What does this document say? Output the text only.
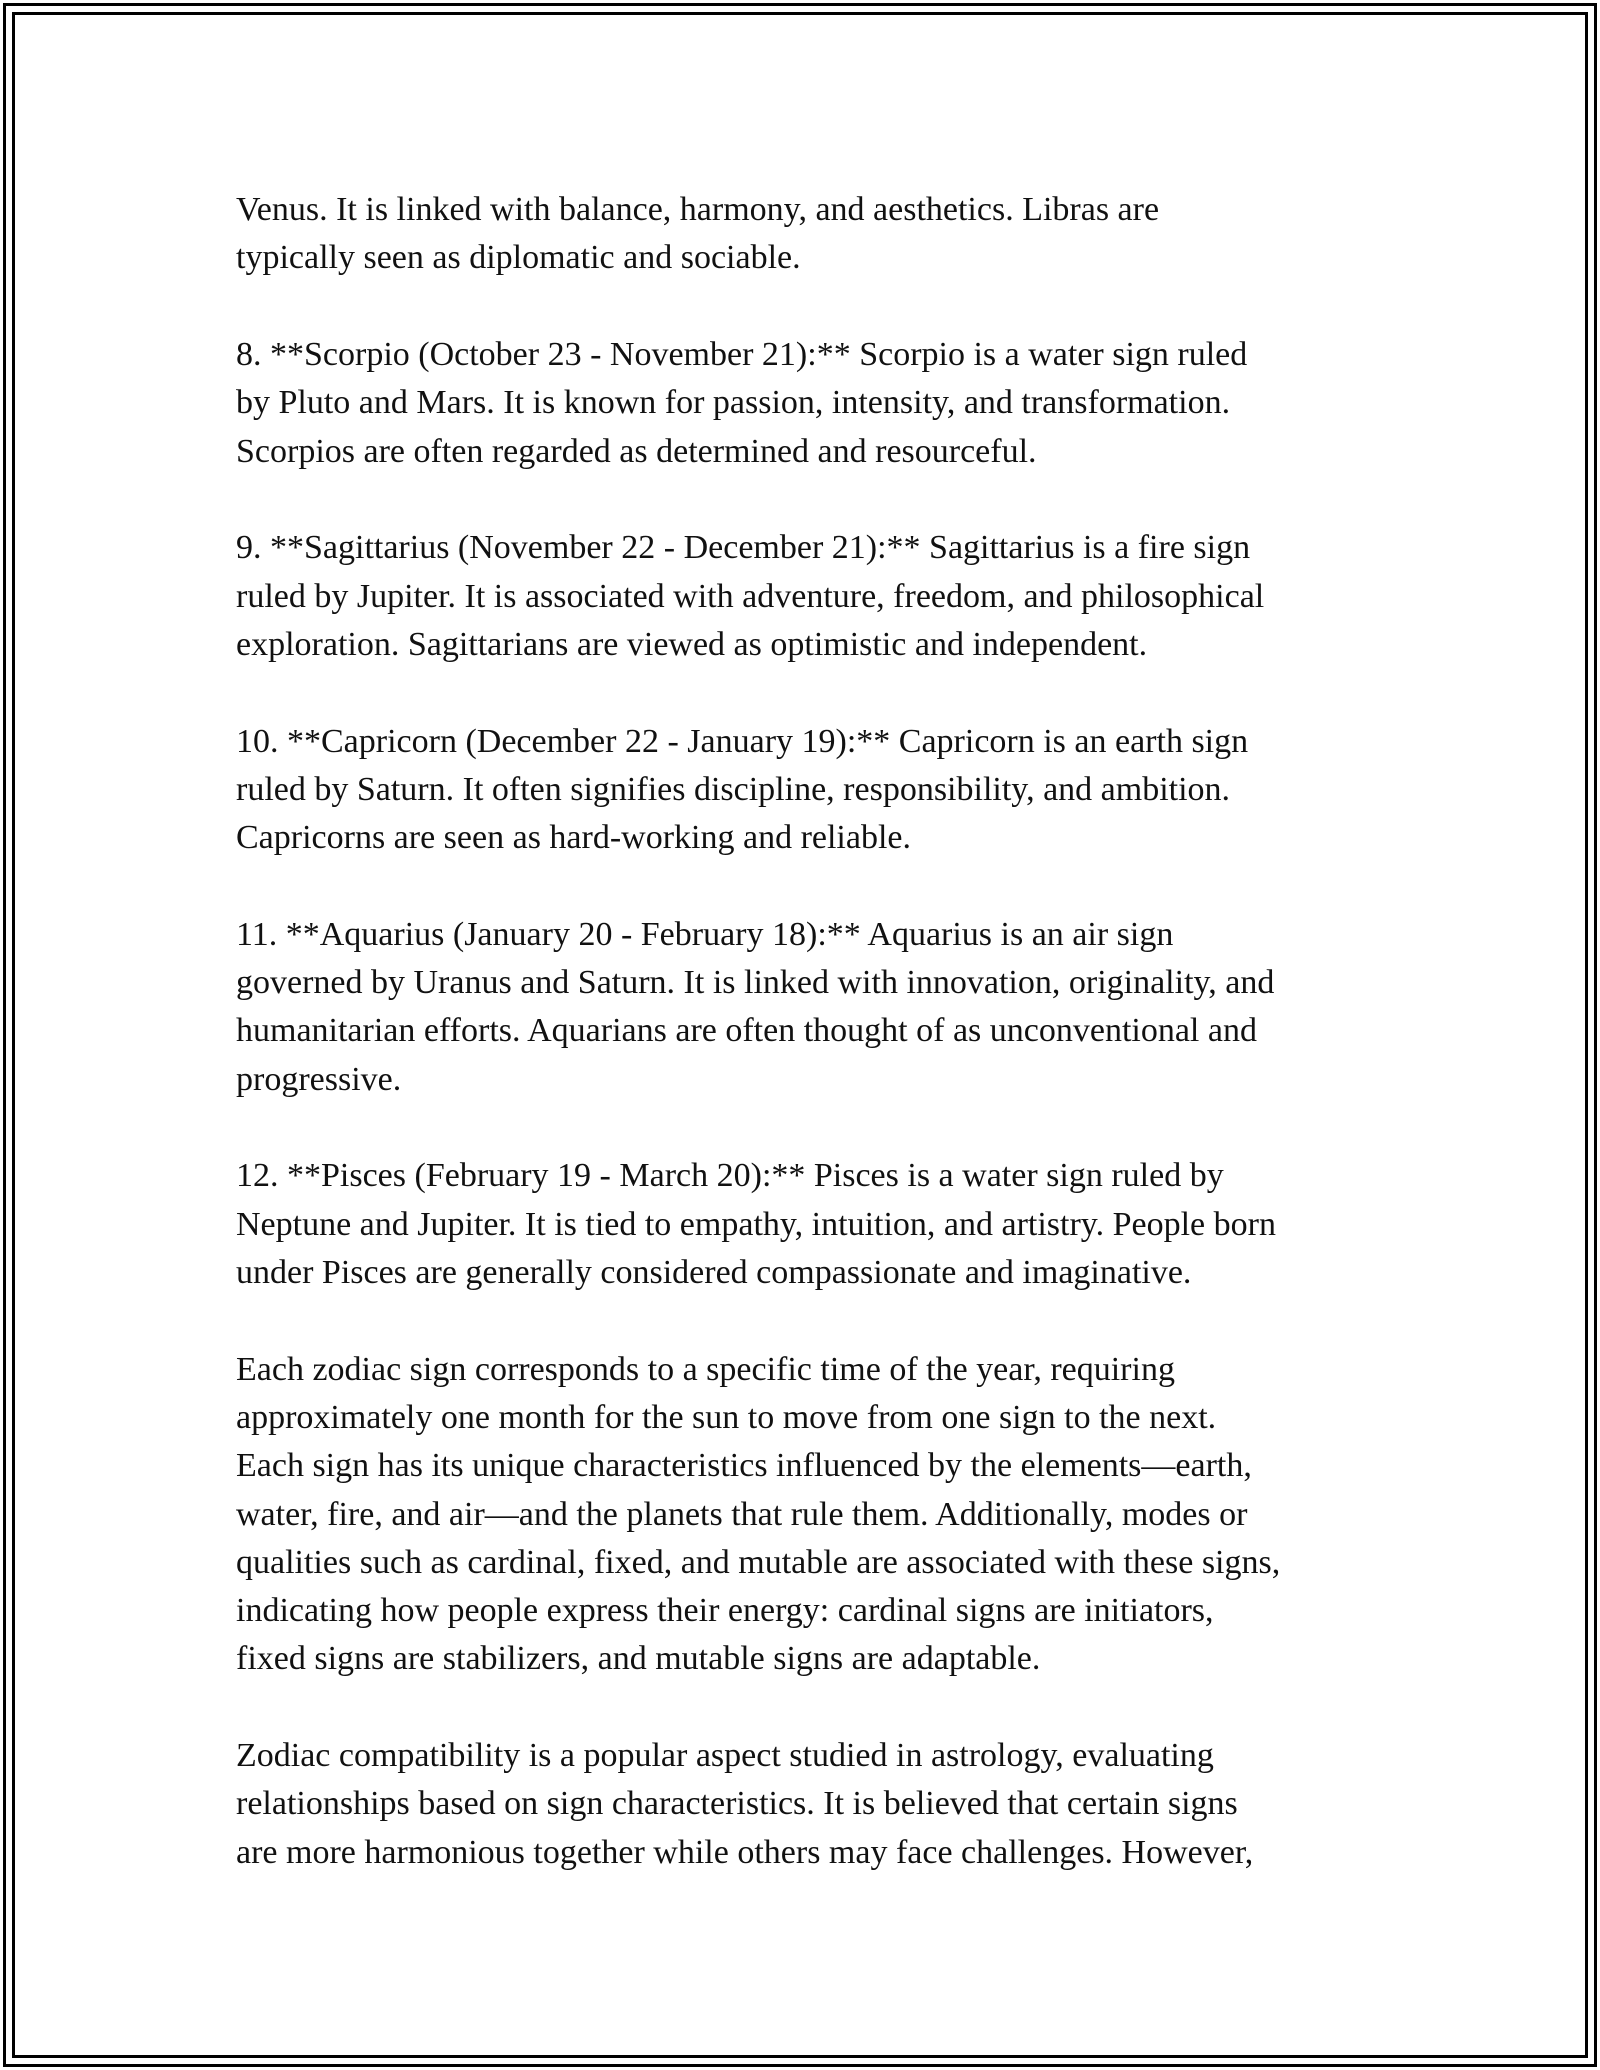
Venus. It is linked with balance, harmony, and aesthetics. Libras are
typically seen as diplomatic and sociable.

8. **Scorpio (October 23 - November 21):** Scorpio is a water sign ruled
by Pluto and Mars. It is known for passion, intensity, and transformation.
Scorpios are often regarded as determined and resourceful.

9. **Sagittarius (November 22 - December 21):** Sagittarius is a fire sign
ruled by Jupiter. It is associated with adventure, freedom, and philosophical
exploration. Sagittarians are viewed as optimistic and independent.

10. **Capricorn (December 22 - January 19):** Capricorn is an earth sign
ruled by Saturn. It often signifies discipline, responsibility, and ambition.
Capricorns are seen as hard-working and reliable.

11. **Aquarius (January 20 - February 18):** Aquarius is an air sign
governed by Uranus and Saturn. It is linked with innovation, originality, and
humanitarian efforts. Aquarians are often thought of as unconventional and
progressive.

12. **Pisces (February 19 - March 20):** Pisces is a water sign ruled by
Neptune and Jupiter. It is tied to empathy, intuition, and artistry. People born
under Pisces are generally considered compassionate and imaginative.

Each zodiac sign corresponds to a specific time of the year, requiring
approximately one month for the sun to move from one sign to the next.
Each sign has its unique characteristics influenced by the elements—earth,
water, fire, and air—and the planets that rule them. Additionally, modes or
qualities such as cardinal, fixed, and mutable are associated with these signs,
indicating how people express their energy: cardinal signs are initiators,
fixed signs are stabilizers, and mutable signs are adaptable.

Zodiac compatibility is a popular aspect studied in astrology, evaluating
relationships based on sign characteristics. It is believed that certain signs
are more harmonious together while others may face challenges. However,
